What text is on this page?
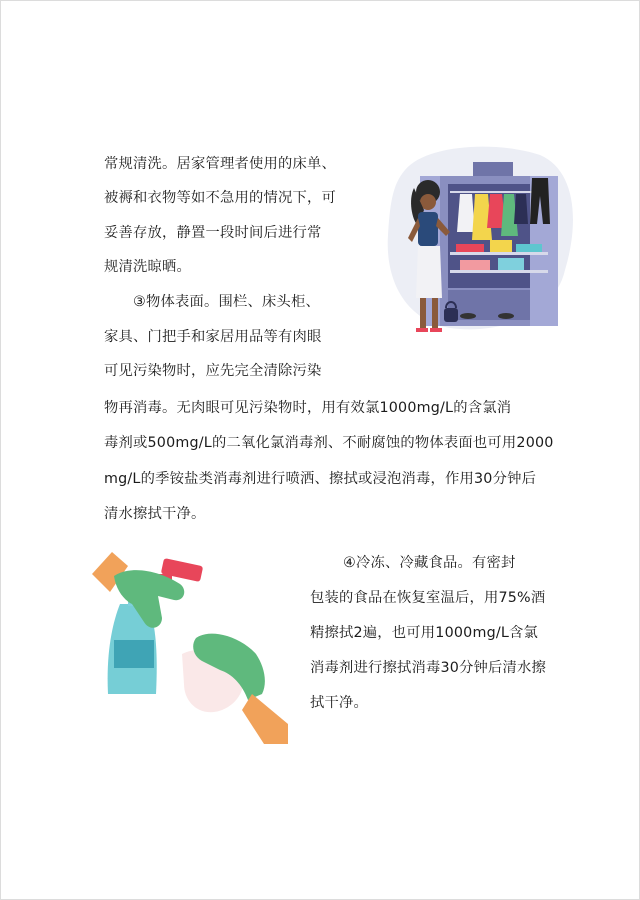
常规清洗。居家管理者使用的床单、
被褥和衣物等如不急用的情况下，可
妥善存放，静置一段时间后进行常
规清洗晾晒。
③物体表面。围栏、床头柜、
家具、门把手和家居用品等有肉眼
可见污染物时，应先完全清除污染
物再消毒。无肉眼可见污染物时，用有效氯1000mg/L的含氯消
毒剂或500mg/L的二氧化氯消毒剂、不耐腐蚀的物体表面也可用2000
mg/L的季铵盐类消毒剂进行喷洒、擦拭或浸泡消毒，作用30分钟后
清水擦拭干净。
④冷冻、冷藏食品。有密封
包装的食品在恢复室温后，用75%酒
精擦拭2遍，也可用1000mg/L含氯
消毒剂进行擦拭消毒30分钟后清水擦
拭干净。
